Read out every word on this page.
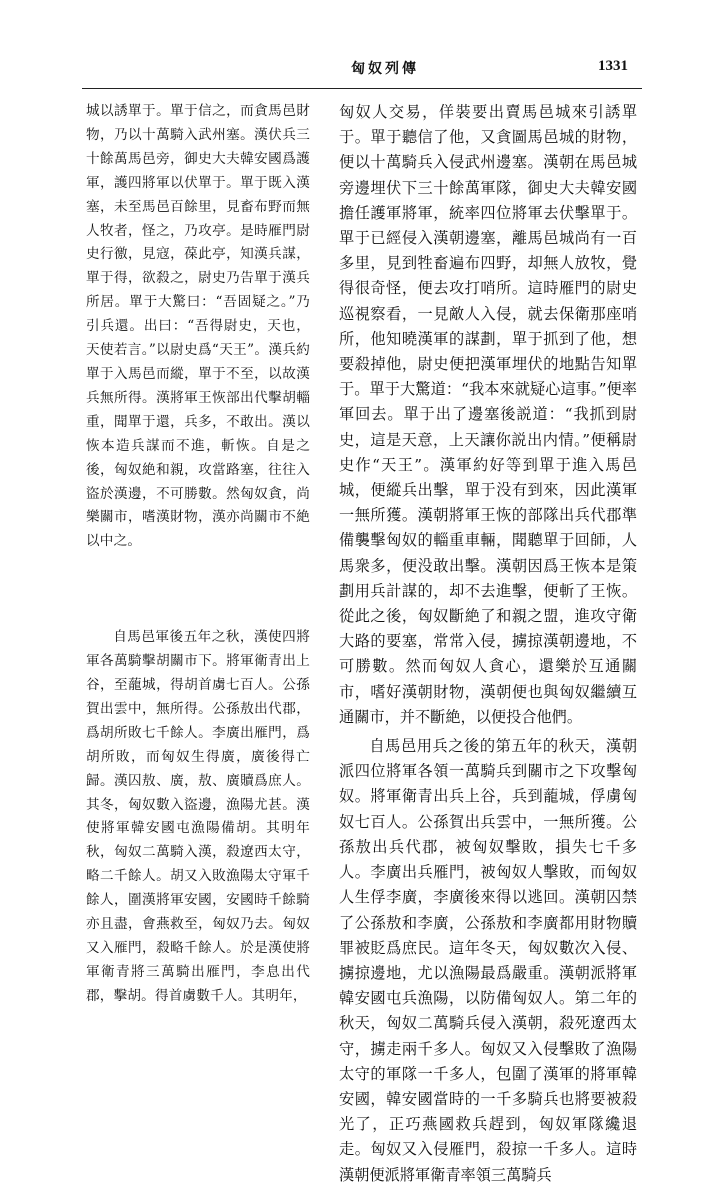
匈奴列傳	1331

城以誘單于。單于信之，而貪馬邑財物，乃以十萬騎入武州塞。漢伏兵三十餘萬馬邑旁，御史大夫韓安國爲護軍，護四將軍以伏單于。單于既入漢塞，未至馬邑百餘里，見畜布野而無人牧者，怪之，乃攻亭。是時雁門尉史行徼，見寇，葆此亭，知漢兵謀，單于得，欲殺之，尉史乃告單于漢兵所居。單于大驚曰：“吾固疑之。”乃引兵還。出曰：“吾得尉史，天也，天使若言。”以尉史爲“天王”。漢兵約單于入馬邑而縱，單于不至，以故漢兵無所得。漢將軍王恢部出代擊胡輜重，聞單于還，兵多，不敢出。漢以恢本造兵謀而不進，斬恢。自是之後，匈奴絶和親，攻當路塞，往往入盜於漢邊，不可勝數。然匈奴貪，尚樂關市，嗜漢財物，漢亦尚關市不絶以中之。

自馬邑軍後五年之秋，漢使四將軍各萬騎擊胡關市下。將軍衛青出上谷，至蘢城，得胡首虜七百人。公孫賀出雲中，無所得。公孫敖出代郡，爲胡所敗七千餘人。李廣出雁門，爲胡所敗，而匈奴生得廣，廣後得亡歸。漢囚敖、廣，敖、廣贖爲庶人。其冬，匈奴數入盜邊，漁陽尤甚。漢使將軍韓安國屯漁陽備胡。其明年秋，匈奴二萬騎入漢，殺遼西太守，略二千餘人。胡又入敗漁陽太守軍千餘人，圍漢將軍安國，安國時千餘騎亦且盡，會燕救至，匈奴乃去。匈奴又入雁門，殺略千餘人。於是漢使將軍衛青將三萬騎出雁門，李息出代郡，擊胡。得首虜數千人。其明年，

匈奴人交易，佯裝要出賣馬邑城來引誘單于。單于聽信了他，又貪圖馬邑城的財物，便以十萬騎兵入侵武州邊塞。漢朝在馬邑城旁邊埋伏下三十餘萬軍隊，御史大夫韓安國擔任護軍將軍，統率四位將軍去伏擊單于。單于已經侵入漢朝邊塞，離馬邑城尚有一百多里，見到牲畜遍布四野，却無人放牧，覺得很奇怪，便去攻打哨所。這時雁門的尉史巡視察看，一見敵人入侵，就去保衛那座哨所，他知曉漢軍的謀劃，單于抓到了他，想要殺掉他，尉史便把漢軍埋伏的地點告知單于。單于大驚道：“我本來就疑心這事。”便率軍回去。單于出了邊塞後説道：“我抓到尉史，這是天意，上天讓你説出内情。”便稱尉史作“天王”。漢軍約好等到單于進入馬邑城，便縱兵出擊，單于没有到來，因此漢軍一無所獲。漢朝將軍王恢的部隊出兵代郡準備襲擊匈奴的輜重車輛，聞聽單于回師，人馬衆多，便没敢出擊。漢朝因爲王恢本是策劃用兵計謀的，却不去進擊，便斬了王恢。從此之後，匈奴斷絶了和親之盟，進攻守衛大路的要塞，常常入侵，擄掠漢朝邊地，不可勝數。然而匈奴人貪心，還樂於互通關市，嗜好漢朝財物，漢朝便也與匈奴繼續互通關市，并不斷絶，以便投合他們。

自馬邑用兵之後的第五年的秋天，漢朝派四位將軍各領一萬騎兵到關市之下攻擊匈奴。將軍衛青出兵上谷，兵到蘢城，俘虜匈奴七百人。公孫賀出兵雲中，一無所獲。公孫敖出兵代郡，被匈奴擊敗，損失七千多人。李廣出兵雁門，被匈奴人擊敗，而匈奴人生俘李廣，李廣後來得以逃回。漢朝囚禁了公孫敖和李廣，公孫敖和李廣都用財物贖罪被貶爲庶民。這年冬天，匈奴數次入侵、擄掠邊地，尤以漁陽最爲嚴重。漢朝派將軍韓安國屯兵漁陽，以防備匈奴人。第二年的秋天，匈奴二萬騎兵侵入漢朝，殺死遼西太守，擄走兩千多人。匈奴又入侵擊敗了漁陽太守的軍隊一千多人，包圍了漢軍的將軍韓安國，韓安國當時的一千多騎兵也將要被殺光了，正巧燕國救兵趕到，匈奴軍隊纔退走。匈奴又入侵雁門，殺掠一千多人。這時漢朝便派將軍衛青率領三萬騎兵
